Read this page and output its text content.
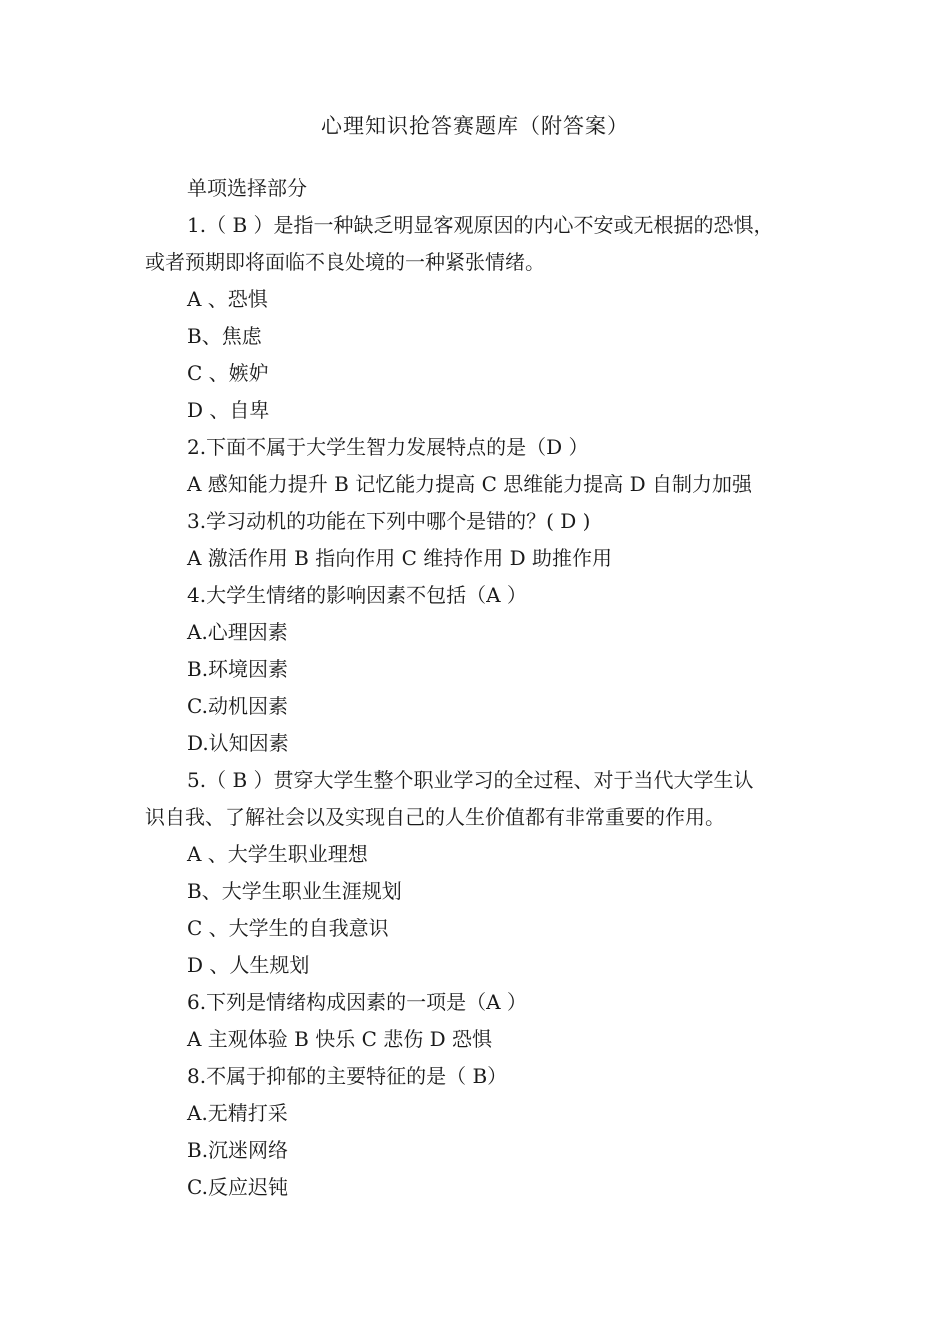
心理知识抢答赛题库（附答案）
单项选择部分
1.（ B ）是指一种缺乏明显客观原因的内心不安或无根据的恐惧，
或者预期即将面临不良处境的一种紧张情绪。
A 、恐惧
B、焦虑
C 、嫉妒
D 、自卑
2.下面不属于大学生智力发展特点的是（D ）
A 感知能力提升 B 记忆能力提高 C 思维能力提高 D 自制力加强
3.学习动机的功能在下列中哪个是错的？( D )
A 激活作用 B 指向作用 C 维持作用 D 助推作用
4.大学生情绪的影响因素不包括（A ）
A.心理因素
B.环境因素
C.动机因素
D.认知因素
5.（ B ）贯穿大学生整个职业学习的全过程、对于当代大学生认
识自我、了解社会以及实现自己的人生价值都有非常重要的作用。
A 、大学生职业理想
B、大学生职业生涯规划
C 、大学生的自我意识
D 、人生规划
6.下列是情绪构成因素的一项是（A ）
A 主观体验 B 快乐 C 悲伤 D 恐惧
8.不属于抑郁的主要特征的是（ B）
A.无精打采
B.沉迷网络
C.反应迟钝
